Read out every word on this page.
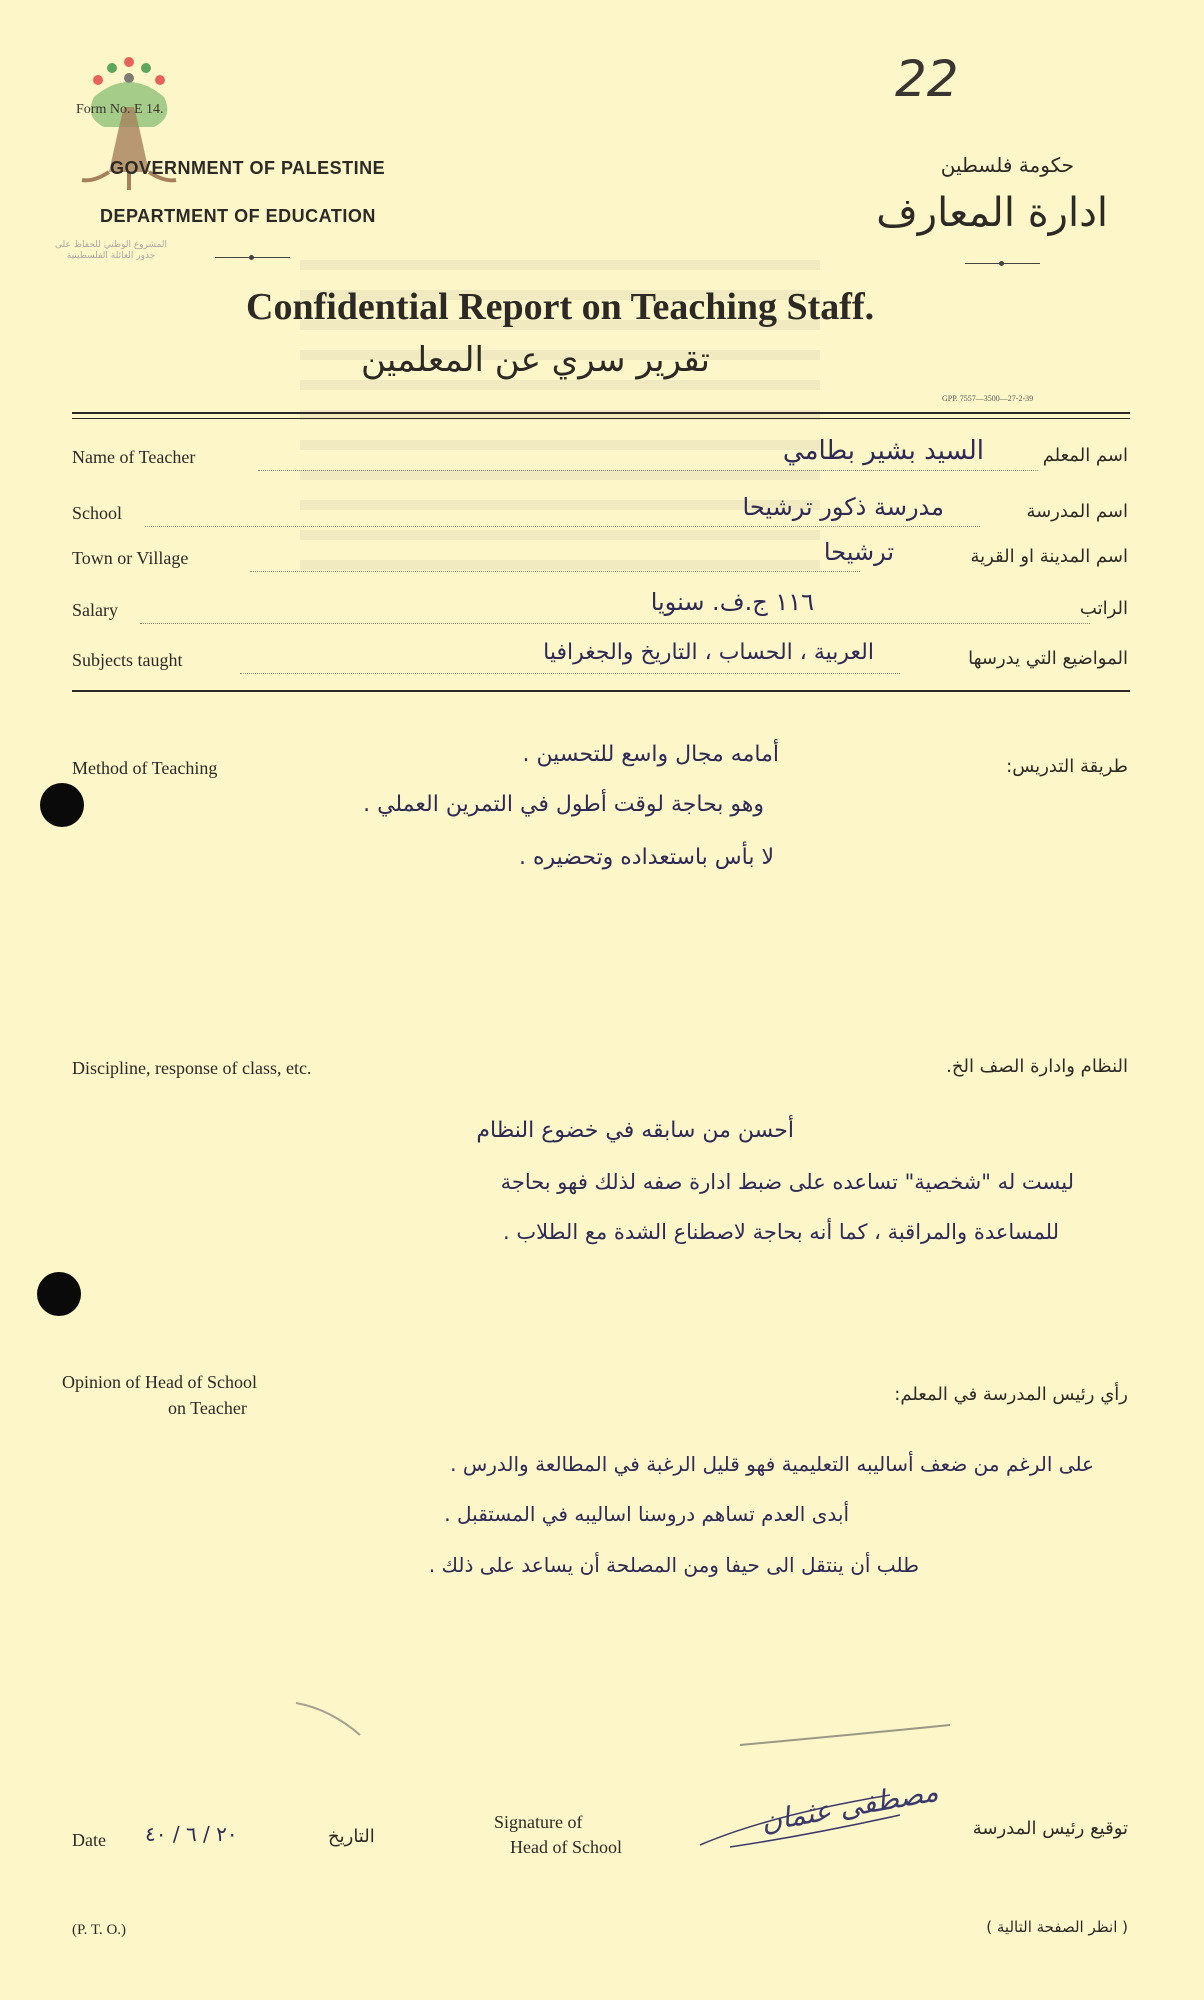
المشروع الوطني للحفاظ على جذور العائلة الفلسطينية
Form No. E 14.
22
GOVERNMENT OF PALESTINE
DEPARTMENT OF EDUCATION
حكومة فلسطين
ادارة المعارف
Confidential Report on Teaching Staff.
تقرير سري عن المعلمين
GPP. 7557—3500—27-2-39
Name of Teacher	اسم المعلم
السيد بشير بطامي
School	اسم المدرسة
مدرسة ذكور ترشيحا
Town or Village	اسم المدينة او القرية
ترشيحا
Salary	الراتب
١١٦ ج.ف. سنويا
Subjects taught	المواضيع التي يدرسها
العربية ، الحساب ، التاريخ والجغرافيا
Method of Teaching	طريقة التدريس:
أمامه مجال واسع للتحسين .
وهو بحاجة لوقت أطول في التمرين العملي .
لا بأس باستعداده وتحضيره .
Discipline, response of class, etc.	النظام وادارة الصف الخ.
أحسن من سابقه في خضوع النظام
ليست له "شخصية" تساعده على ضبط ادارة صفه لذلك فهو بحاجة
للمساعدة والمراقبة ، كما أنه بحاجة لاصطناع الشدة مع الطلاب .
Opinion of Head of School
on Teacher
رأي رئيس المدرسة في المعلم:
على الرغم من ضعف أساليبه التعليمية فهو قليل الرغبة في المطالعة والدرس .
أبدى العدم تساهم دروسنا اساليبه في المستقبل .
طلب أن ينتقل الى حيفا ومن المصلحة أن يساعد على ذلك .
Date ٢٠ / ٦ / ٤٠	التاريخ
Signature of
Head of School
مصطفى عثمان توقيع رئيس المدرسة
(P. T. O.)	( انظر الصفحة التالية )
